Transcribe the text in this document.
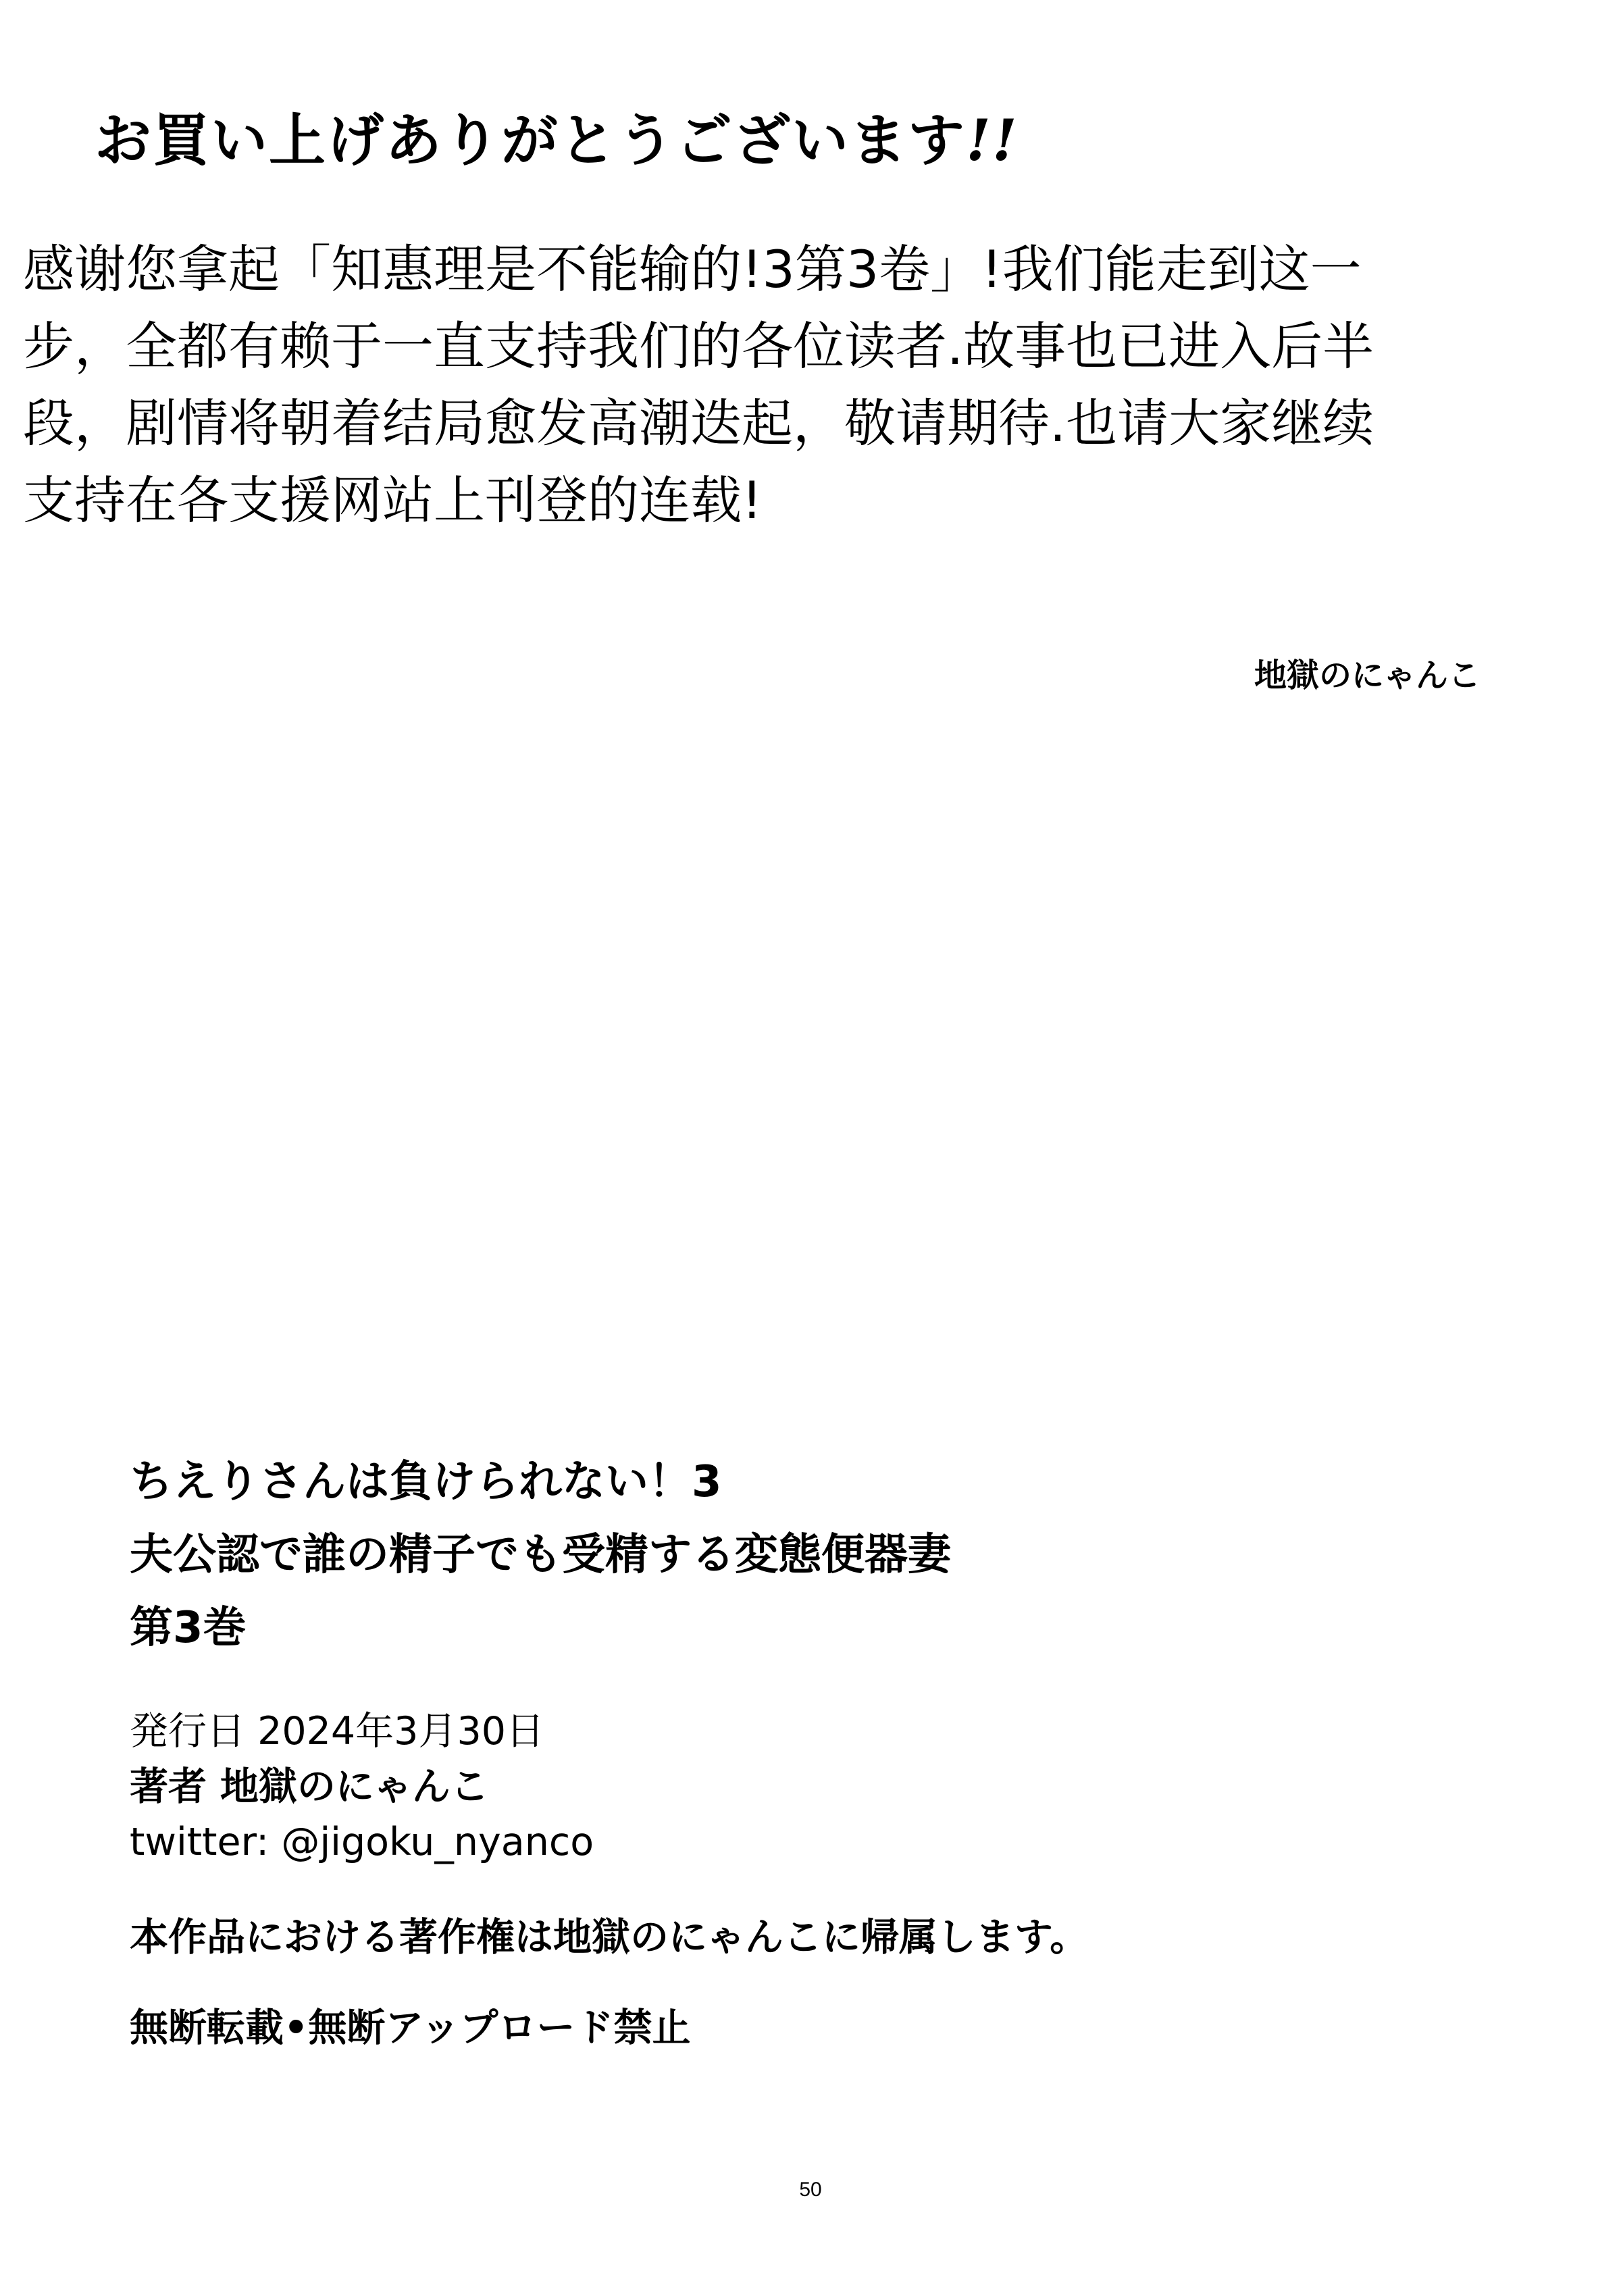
お買い上げありがとうございます!!
感谢您拿起「知惠理是不能输的!3第3卷」!我们能走到这一
步，全都有赖于一直支持我们的各位读者.故事也已进入后半
段，剧情将朝着结局愈发高潮迭起，敬请期待.也请大家继续
支持在各支援网站上刊登的连载!
地獄のにゃんこ
ちえりさんは負けられない！3
夫公認で誰の精子でも受精する変態便器妻
第3巻
発行日 2024年3月30日
著者 地獄のにゃんこ
twitter: @jigoku_nyanco
本作品における著作権は地獄のにゃんこに帰属します。
無断転載•無断アップロード禁止
50
